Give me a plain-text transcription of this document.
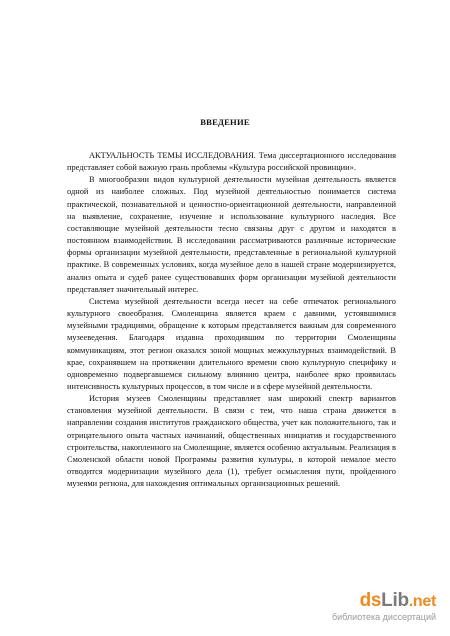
ВВЕДЕНИЕ

АКТУАЛЬНОСТЬ ТЕМЫ ИССЛЕДОВАНИЯ. Тема диссертационного исследования представляет собой важную грань проблемы «Культура российской провинции».

В многообразии видов культурной деятельности музейная деятельность является одной из наиболее сложных. Под музейной деятельностью понимается система практической, познавательной и ценностно-ориентационной деятельности, направленной на выявление, сохранение, изучение и использование культурного наследия. Все составляющие музейной деятельности тесно связаны друг с другом и находятся в постоянном взаимодействии. В исследовании рассматриваются различные исторические формы организации музейной деятельности, представленные в региональной культурной практике. В современных условиях, когда музейное дело в нашей стране модернизируется, анализ опыта и судеб ранее существовавших форм организации музейной деятельности представляет значительный интерес.

Система музейной деятельности всегда несет на себе отпечаток регионального культурного своеобразия. Смоленщина является краем с давними, устоявшимися музейными традициями, обращение к которым представляется важным для современного музееведения. Благодаря издавна проходившим по территории Смоленщины коммуникациям, этот регион оказался зоной мощных межкультурных взаимодействий. В крае, сохранявшем на протяжении длительного времени свою культурную специфику и одновременно подвергавшемся сильному влиянию центра, наиболее ярко проявилась интенсивность культурных процессов, в том числе и в сфере музейной деятельности.

История музеев Смоленщины представляет нам широкий спектр вариантов становления музейной деятельности. В связи с тем, что наша страна движется в направлении создания институтов гражданского общества, учет как положительного, так и отрицательного опыта частных начинаний, общественных инициатив и государственного строительства, накопленного на Смоленщине, является особенно актуальным. Реализация в Смоленской области новой Программы развития культуры, в которой немалое место отводится модернизации музейного дела (1), требует осмысления пути, пройденного музеями региона, для нахождения оптимальных организационных решений.

dsLib.net
библиотека диссертаций
